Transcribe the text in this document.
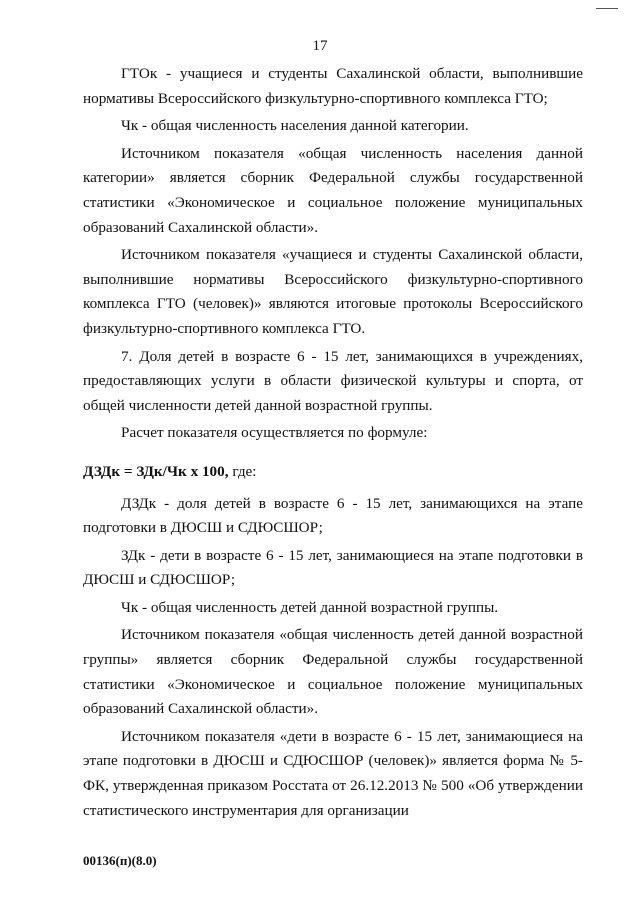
17

ГТОк - учащиеся и студенты Сахалинской области, выполнившие нормативы Всероссийского физкультурно-спортивного комплекса ГТО;

Чк - общая численность населения данной категории.

Источником показателя «общая численность населения данной категории» является сборник Федеральной службы государственной статистики «Экономическое и социальное положение муниципальных образований Сахалинской области».

Источником показателя «учащиеся и студенты Сахалинской области, выполнившие нормативы Всероссийского физкультурно-спортивного комплекса ГТО (человек)» являются итоговые протоколы Всероссийского физкультурно-спортивного комплекса ГТО.

7. Доля детей в возрасте 6 - 15 лет, занимающихся в учреждениях, предоставляющих услуги в области физической культуры и спорта, от общей численности детей данной возрастной группы.

Расчет показателя осуществляется по формуле:

ДЗДк = ЗДк/Чк х 100, где:

ДЗДк - доля детей в возрасте 6 - 15 лет, занимающихся на этапе подготовки в ДЮСШ и СДЮСШОР;

ЗДк - дети в возрасте 6 - 15 лет, занимающиеся на этапе подготовки в ДЮСШ и СДЮСШОР;

Чк - общая численность детей данной возрастной группы.

Источником показателя «общая численность детей данной возрастной группы» является сборник Федеральной службы государственной статистики «Экономическое и социальное положение муниципальных образований Сахалинской области».

Источником показателя «дети в возрасте 6 - 15 лет, занимающиеся на этапе подготовки в ДЮСШ и СДЮСШОР (человек)» является форма № 5-ФК, утвержденная приказом Росстата от 26.12.2013 № 500 «Об утверждении статистического инструментария для организации

00136(п)(8.0)
